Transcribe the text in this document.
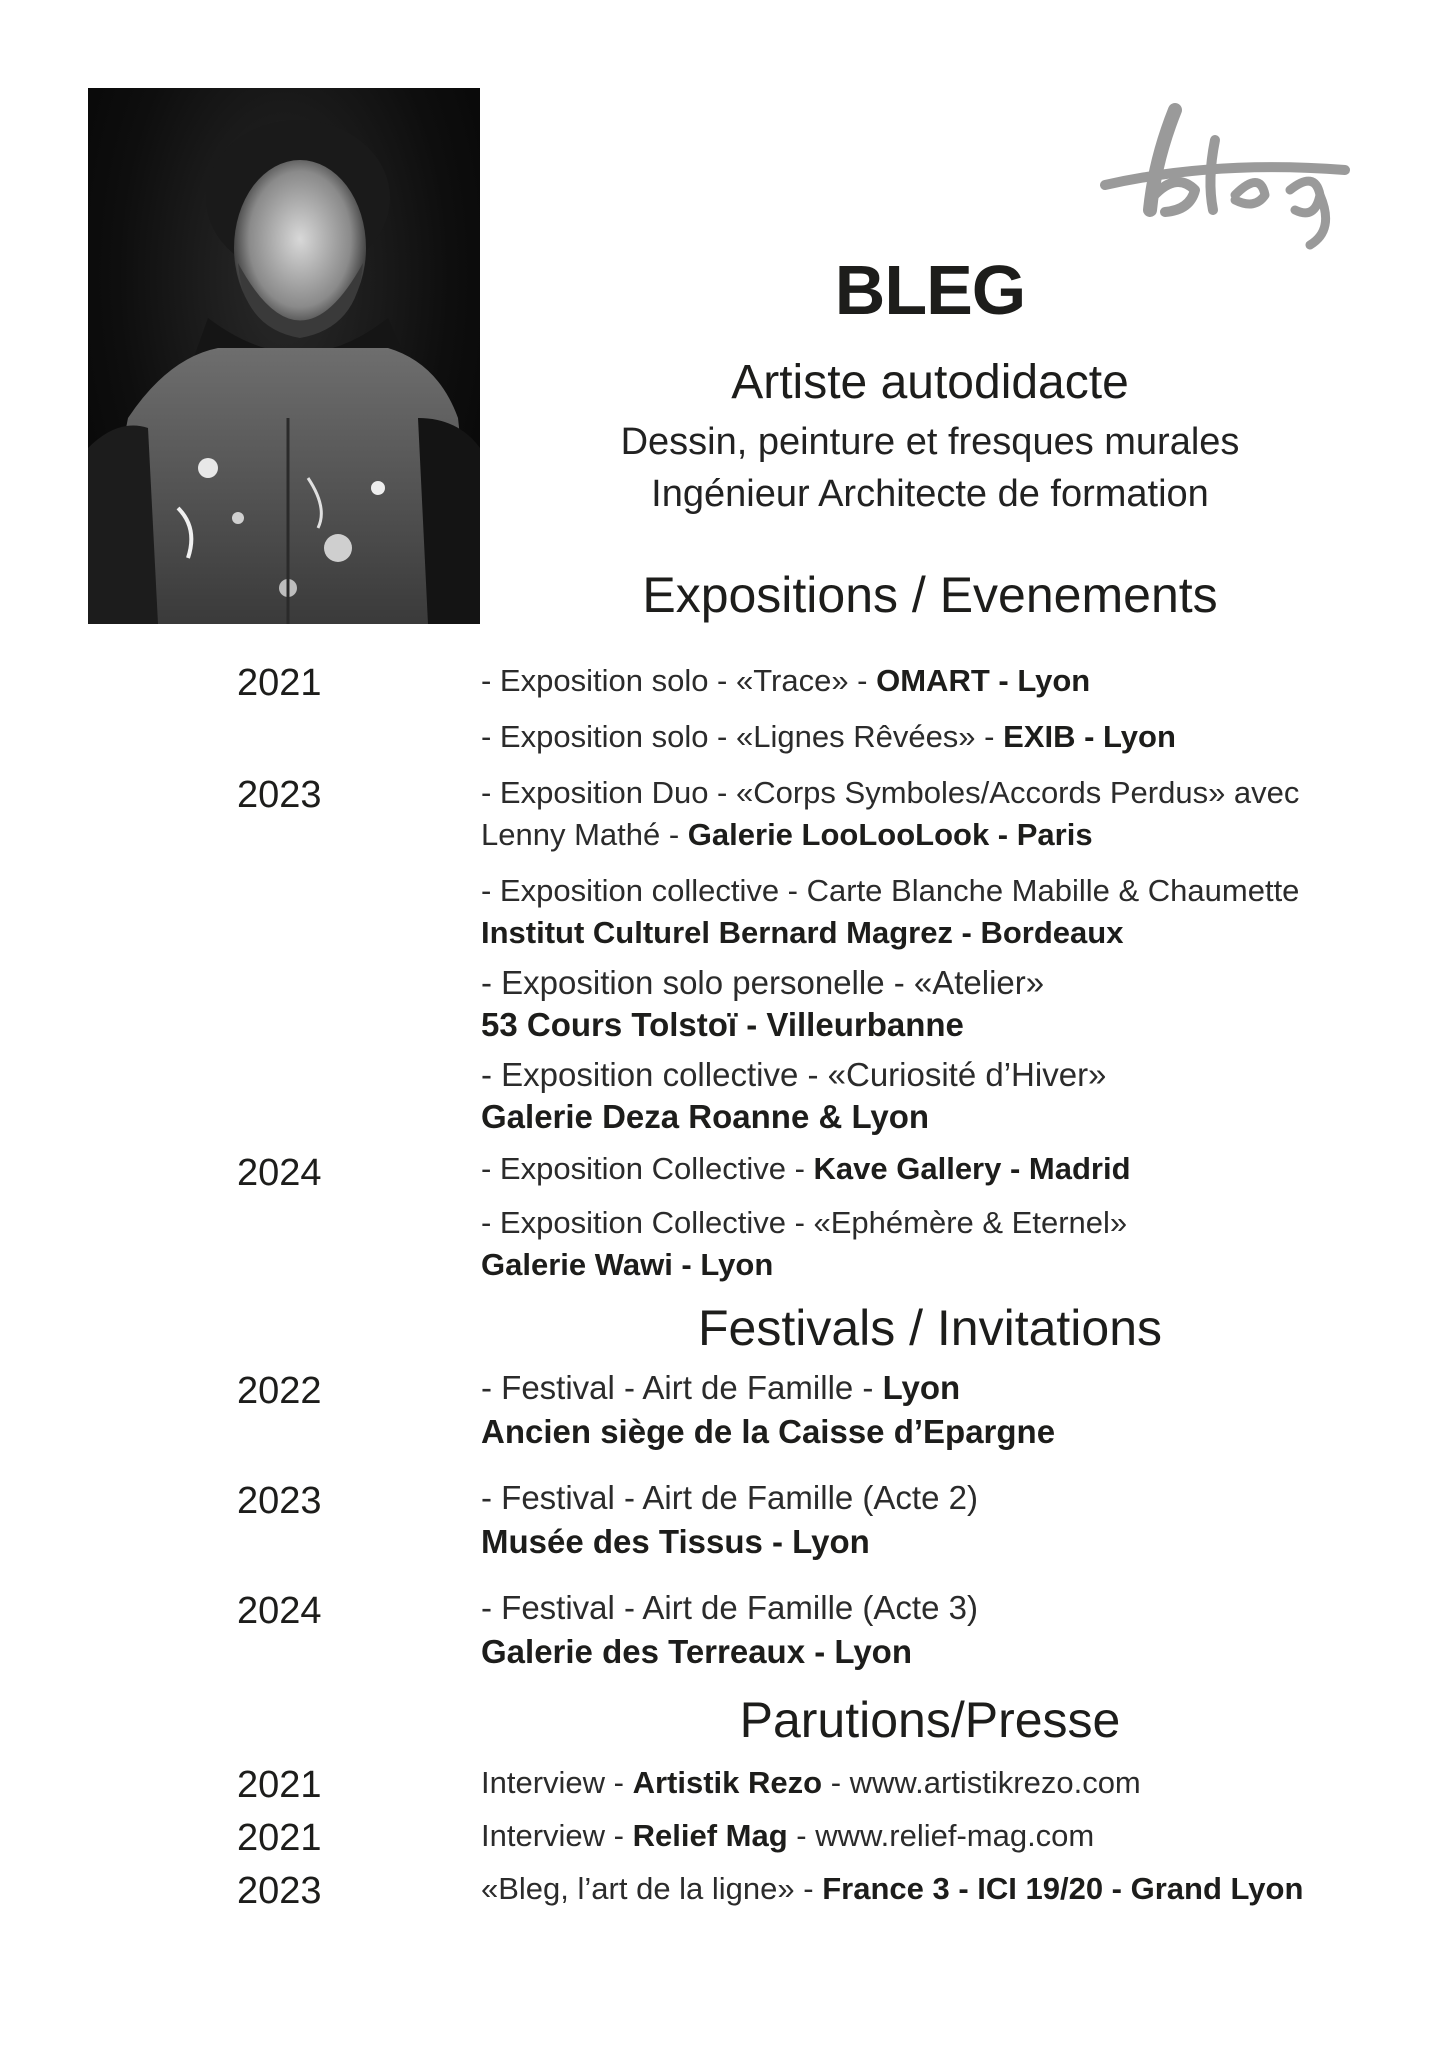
BLEG
Artiste autodidacte
Dessin, peinture et fresques murales
Ingénieur Architecte de formation
Expositions / Evenements
2021
2023
2024
- Exposition solo - «Trace» - OMART - Lyon
- Exposition solo - «Lignes Rêvées» - EXIB - Lyon
- Exposition Duo - «Corps Symboles/Accords Perdus» avec
Lenny Mathé - Galerie LooLooLook - Paris
- Exposition collective - Carte Blanche Mabille & Chaumette
Institut Culturel Bernard Magrez - Bordeaux
- Exposition solo personelle - «Atelier»
53 Cours Tolstoï - Villeurbanne
- Exposition collective - «Curiosité d’Hiver»
Galerie Deza Roanne & Lyon
- Exposition Collective - Kave Gallery - Madrid
- Exposition Collective - «Ephémère & Eternel»
Galerie Wawi - Lyon
Festivals / Invitations
2022
2023
2024
- Festival - Airt de Famille - Lyon
Ancien siège de la Caisse d’Epargne
- Festival - Airt de Famille (Acte 2)
Musée des Tissus - Lyon
- Festival - Airt de Famille (Acte 3)
Galerie des Terreaux - Lyon
Parutions/Presse
2021
2021
2023
Interview - Artistik Rezo - www.artistikrezo.com
Interview - Relief Mag - www.relief-mag.com
«Bleg, l’art de la ligne» - France 3 - ICI 19/20 - Grand Lyon
